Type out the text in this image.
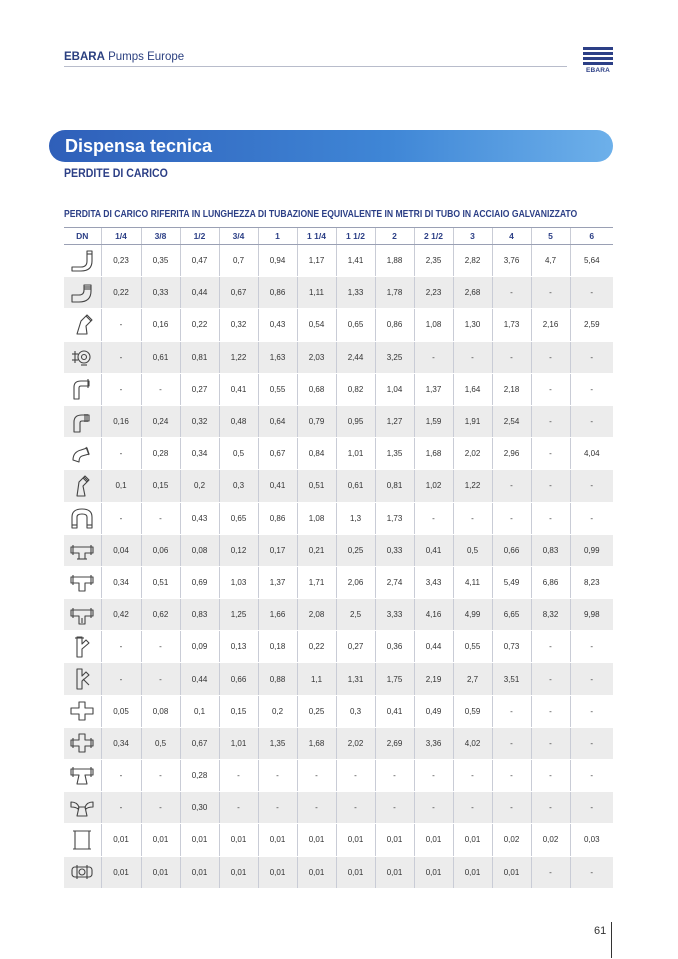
EBARA Pumps Europe
EBARA
Dispensa tecnica
PERDITE DI CARICO
PERDITA DI CARICO RIFERITA IN LUNGHEZZA DI TUBAZIONE EQUIVALENTE IN METRI DI TUBO IN ACCIAIO GALVANIZZATO
DN	1/4	3/8	1/2	3/4	1	1 1/4	1 1/2	2	2 1/2	3	4	5	6

	0,23	0,35	0,47	0,7	0,94	1,17	1,41	1,88	2,35	2,82	3,76	4,7	5,64

	0,22	0,33	0,44	0,67	0,86	1,11	1,33	1,78	2,23	2,68	-	-	-

	-	0,16	0,22	0,32	0,43	0,54	0,65	0,86	1,08	1,30	1,73	2,16	2,59

	-	0,61	0,81	1,22	1,63	2,03	2,44	3,25	-	-	-	-	-

	-	-	0,27	0,41	0,55	0,68	0,82	1,04	1,37	1,64	2,18	-	-

	0,16	0,24	0,32	0,48	0,64	0,79	0,95	1,27	1,59	1,91	2,54	-	-

	-	0,28	0,34	0,5	0,67	0,84	1,01	1,35	1,68	2,02	2,96	-	4,04

	0,1	0,15	0,2	0,3	0,41	0,51	0,61	0,81	1,02	1,22	-	-	-

	-	-	0,43	0,65	0,86	1,08	1,3	1,73	-	-	-	-	-

	0,04	0,06	0,08	0,12	0,17	0,21	0,25	0,33	0,41	0,5	0,66	0,83	0,99

	0,34	0,51	0,69	1,03	1,37	1,71	2,06	2,74	3,43	4,11	5,49	6,86	8,23

	0,42	0,62	0,83	1,25	1,66	2,08	2,5	3,33	4,16	4,99	6,65	8,32	9,98

	-	-	0,09	0,13	0,18	0,22	0,27	0,36	0,44	0,55	0,73	-	-

	-	-	0,44	0,66	0,88	1,1	1,31	1,75	2,19	2,7	3,51	-	-

	0,05	0,08	0,1	0,15	0,2	0,25	0,3	0,41	0,49	0,59	-	-	-

	0,34	0,5	0,67	1,01	1,35	1,68	2,02	2,69	3,36	4,02	-	-	-

	-	-	0,28	-	-	-	-	-	-	-	-	-	-

	-	-	0,30	-	-	-	-	-	-	-	-	-	-

	0,01	0,01	0,01	0,01	0,01	0,01	0,01	0,01	0,01	0,01	0,02	0,02	0,03

	0,01	0,01	0,01	0,01	0,01	0,01	0,01	0,01	0,01	0,01	0,01	-	-
61
